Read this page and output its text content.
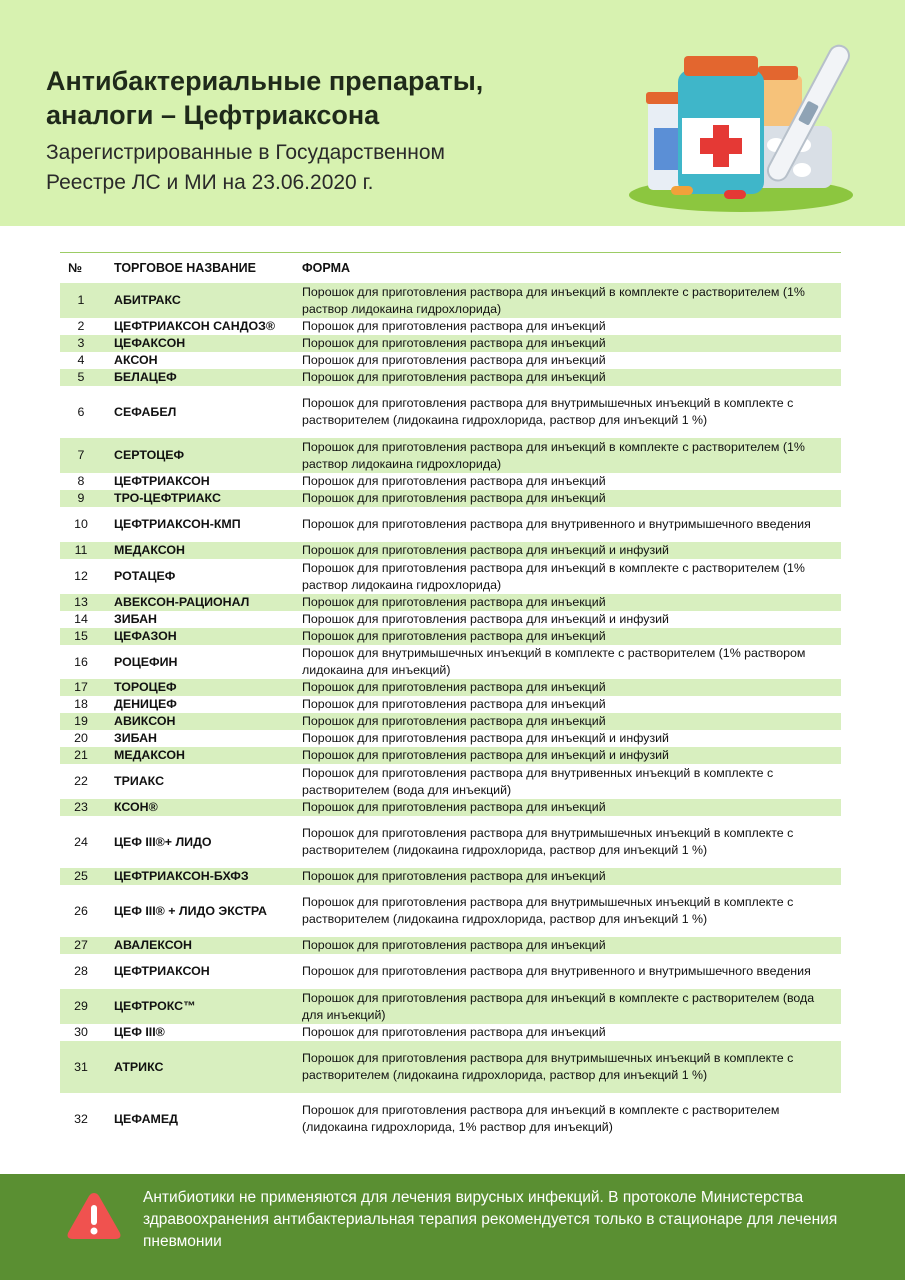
Антибактериальные препараты,
аналоги – Цефтриаксона

Зарегистрированные в Государственном
Реестре ЛС и МИ на 23.06.2020 г.

№	ТОРГОВОЕ НАЗВАНИЕ	ФОРМА
1	АБИТРАКС	Порошок для приготовления раствора для инъекций в комплекте с растворителем (1% раствор лидокаина гидрохлорида)
2	ЦЕФТРИАКСОН САНДОЗ®	Порошок для приготовления раствора для инъекций
3	ЦЕФАКСОН	Порошок для приготовления раствора для инъекций
4	АКСОН	Порошок для приготовления раствора для инъекций
5	БЕЛАЦЕФ	Порошок для приготовления раствора для инъекций
6	СЕФАБЕЛ	Порошок для приготовления раствора для внутримышечных инъекций в комплекте с растворителем (лидокаина гидрохлорида, раствор для инъекций 1 %)
7	СЕРТОЦЕФ	Порошок для приготовления раствора для инъекций в комплекте с растворителем (1% раствор лидокаина гидрохлорида)
8	ЦЕФТРИАКСОН	Порошок для приготовления раствора для инъекций
9	ТРО-ЦЕФТРИАКС	Порошок для приготовления раствора для инъекций
10	ЦЕФТРИАКСОН-КМП	Порошок для приготовления раствора для внутривенного и внутримышечного введения
11	МЕДАКСОН	Порошок для приготовления раствора для инъекций и инфузий
12	РОТАЦЕФ	Порошок для приготовления раствора для инъекций в комплекте с растворителем (1% раствор лидокаина гидрохлорида)
13	АВЕКСОН-РАЦИОНАЛ	Порошок для приготовления раствора для инъекций
14	ЗИБАН	Порошок для приготовления раствора для инъекций и инфузий
15	ЦЕФАЗОН	Порошок для приготовления раствора для инъекций
16	РОЦЕФИН	Порошок для внутримышечных инъекций в комплекте с растворителем (1% раствором лидокаина для инъекций)
17	ТОРОЦЕФ	Порошок для приготовления раствора для инъекций
18	ДЕНИЦЕФ	Порошок для приготовления раствора для инъекций
19	АВИКСОН	Порошок для приготовления раствора для инъекций
20	ЗИБАН	Порошок для приготовления раствора для инъекций и инфузий
21	МЕДАКСОН	Порошок для приготовления раствора для инъекций и инфузий
22	ТРИАКС	Порошок для приготовления раствора для внутривенных инъекций в комплекте с растворителем (вода для инъекций)
23	КСОН®	Порошок для приготовления раствора для инъекций
24	ЦЕФ III®+ ЛИДО	Порошок для приготовления раствора для внутримышечных инъекций в комплекте с растворителем (лидокаина гидрохлорида, раствор для инъекций 1 %)
25	ЦЕФТРИАКСОН-БХФЗ	Порошок для приготовления раствора для инъекций
26	ЦЕФ III® + ЛИДО ЭКСТРА	Порошок для приготовления раствора для внутримышечных инъекций в комплекте с растворителем (лидокаина гидрохлорида, раствор для инъекций 1 %)
27	АВАЛЕКСОН	Порошок для приготовления раствора для инъекций
28	ЦЕФТРИАКСОН	Порошок для приготовления раствора для внутривенного и внутримышечного введения
29	ЦЕФТРОКС™	Порошок для приготовления раствора для инъекций в комплекте с растворителем (вода для инъекций)
30	ЦЕФ III®	Порошок для приготовления раствора для инъекций
31	АТРИКС	Порошок для приготовления раствора для внутримышечных инъекций в комплекте с растворителем (лидокаина гидрохлорида, раствор для инъекций 1 %)
32	ЦЕФАМЕД	Порошок для приготовления раствора для инъекций в комплекте с растворителем (лидокаина гидрохлорида, 1% раствор для инъекций)

Антибиотики не применяются для лечения вирусных инфекций. В протоколе Министерства здравоохранения антибактериальная терапия рекомендуется только в стационаре для лечения пневмонии
